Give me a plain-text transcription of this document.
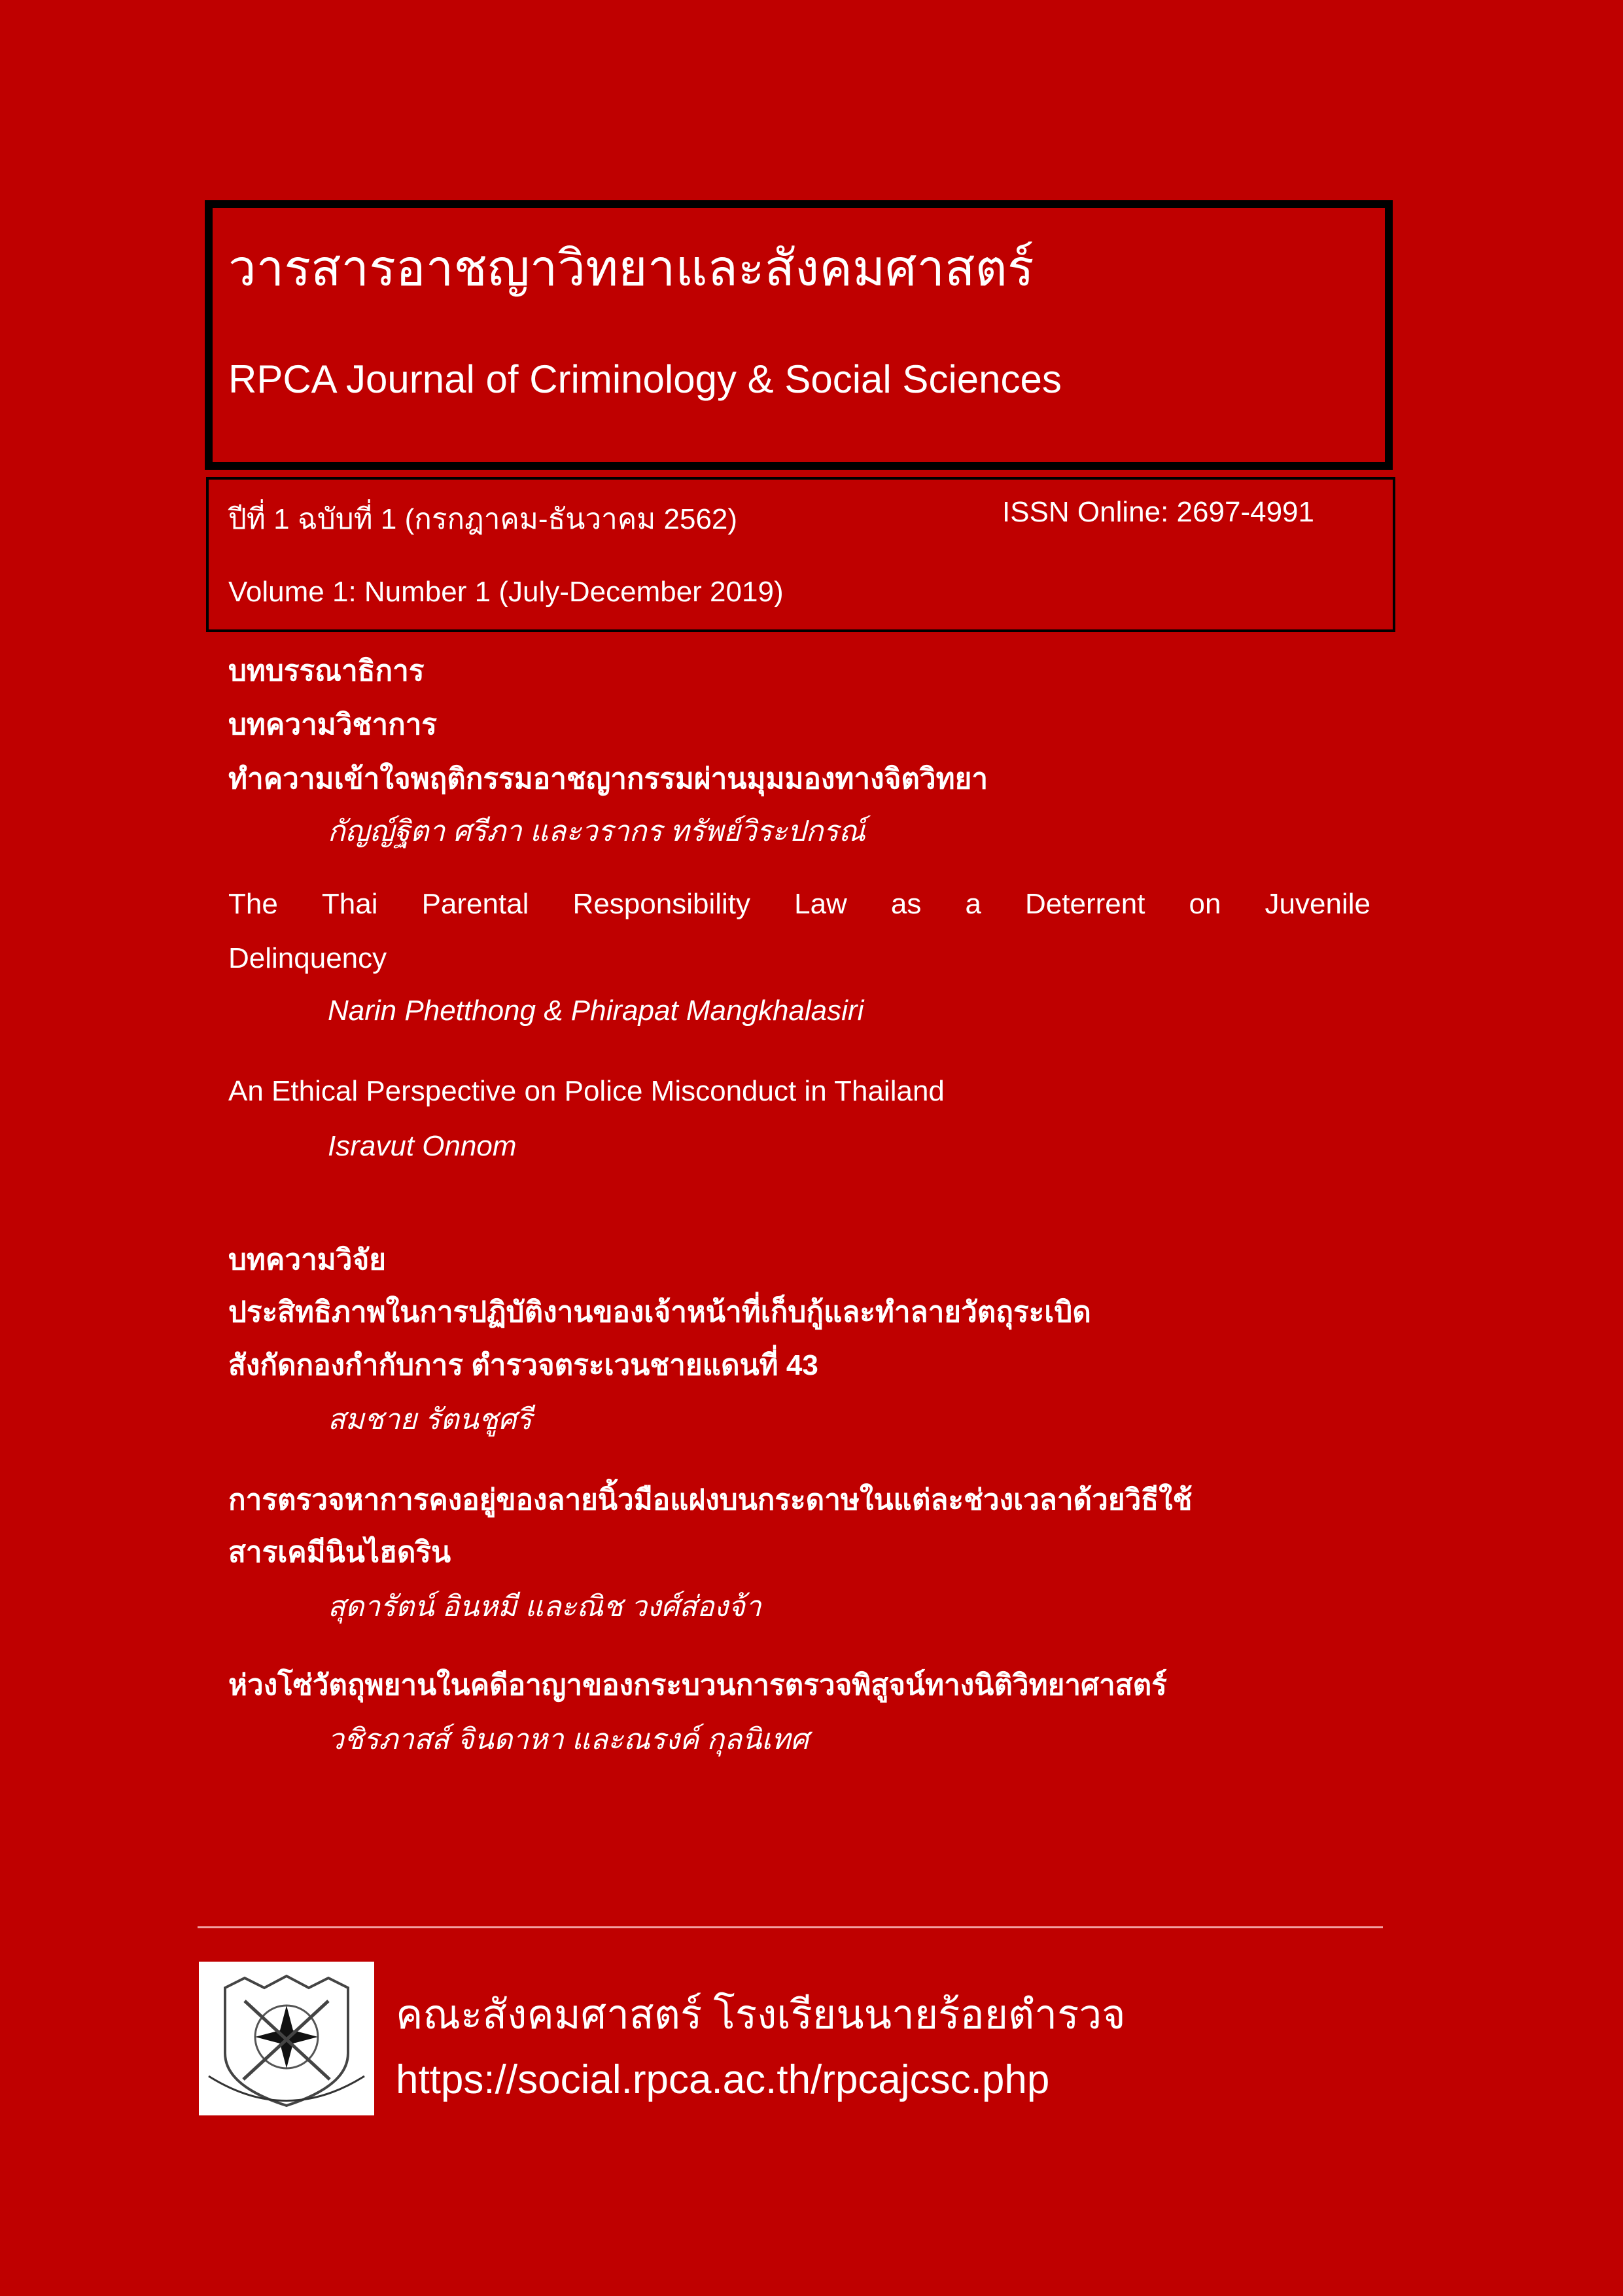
วารสารอาชญาวิทยาและสังคมศาสตร์
RPCA Journal of Criminology & Social Sciences
ปีที่ 1 ฉบับที่ 1 (กรกฎาคม-ธันวาคม 2562)	ISSN Online: 2697-4991
Volume 1: Number 1 (July-December 2019)
บทบรรณาธิการ
บทความวิชาการ
ทำความเข้าใจพฤติกรรมอาชญากรรมผ่านมุมมองทางจิตวิทยา
กัญญ์ฐิตา ศรีภา และวรากร ทรัพย์วิระปกรณ์
The Thai Parental Responsibility Law as a Deterrent on Juvenile
Delinquency
Narin Phetthong & Phirapat Mangkhalasiri
An Ethical Perspective on Police Misconduct in Thailand
Isravut Onnom
บทความวิจัย
ประสิทธิภาพในการปฏิบัติงานของเจ้าหน้าที่เก็บกู้และทำลายวัตถุระเบิด
สังกัดกองกำกับการ ตำรวจตระเวนชายแดนที่ 43
สมชาย รัตนชูศรี
การตรวจหาการคงอยู่ของลายนิ้วมือแฝงบนกระดาษในแต่ละช่วงเวลาด้วยวิธีใช้
สารเคมีนินไฮดริน
สุดารัตน์ อินหมี และณิช วงศ์ส่องจ้า
ห่วงโซ่วัตถุพยานในคดีอาญาของกระบวนการตรวจพิสูจน์ทางนิติวิทยาศาสตร์
วชิรภาสส์ จินดาหา และณรงค์ กุลนิเทศ
คณะสังคมศาสตร์ โรงเรียนนายร้อยตำรวจ
https://social.rpca.ac.th/rpcajcsc.php
